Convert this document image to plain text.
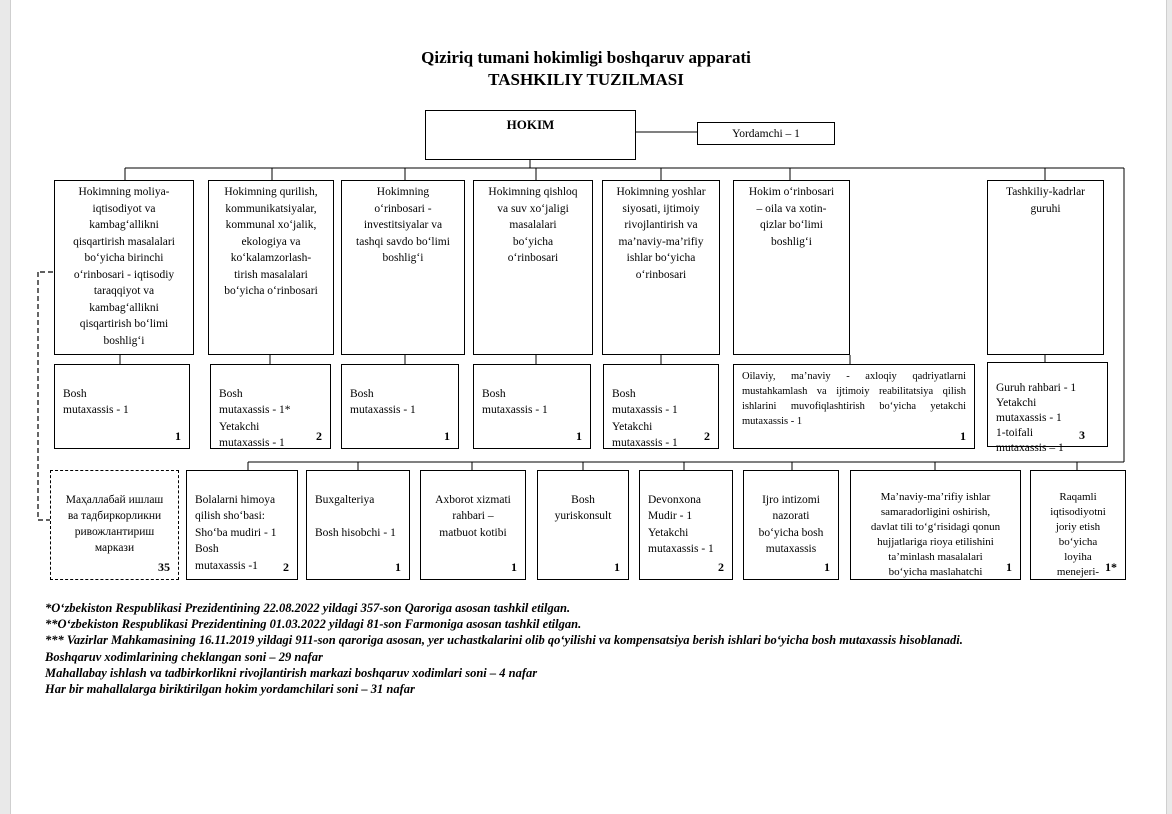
Qiziriq tumani hokimligi boshqaruv apparati
TASHKILIY TUZILMASI
HOKIM
Yordamchi – 1
Hokimning moliya-
iqtisodiyot va
kambag‘allikni
qisqartirish masalalari
bo‘yicha birinchi
o‘rinbosari - iqtisodiy
taraqqiyot va
kambag‘allikni
qisqartirish bo‘limi
boshlig‘i
Hokimning qurilish,
kommunikatsiyalar,
kommunal xo‘jalik,
ekologiya va
ko‘kalamzorlash-
tirish masalalari
bo‘yicha o‘rinbosari
Hokimning
o‘rinbosari -
investitsiyalar va
tashqi savdo bo‘limi
boshlig‘i
Hokimning qishloq
va suv xo‘jaligi
masalalari
bo‘yicha
o‘rinbosari
Hokimning yoshlar
siyosati, ijtimoiy
rivojlantirish va
ma’naviy-ma’rifiy
ishlar bo‘yicha
o‘rinbosari
Hokim o‘rinbosari
– oila va xotin-
qizlar bo‘limi
boshlig‘i
Tashkiliy-kadrlar
guruhi

Bosh
mutaxassis - 1

1

Bosh
mutaxassis - 1*
Yetakchi
mutaxassis - 1

2

Bosh
mutaxassis - 1

1

Bosh
mutaxassis - 1

1

Bosh
mutaxassis - 1
Yetakchi
mutaxassis - 1

2

Oilaviy, ma’naviy - axloqiy qadriyatlarni mustahkamlash va ijtimoiy reabilitatsiya qilish ishlarini muvofiqlashtirish bo‘yicha yetakchi mutaxassis - 1
1

Guruh rahbari - 1
Yetakchi
mutaxassis - 1
1-toifali
mutaxassis – 1

3

Маҳаллабай ишлаш
ва тадбиркорликни
ривожлантириш
маркази

35

Bolalarni himoya
qilish sho‘basi:
Sho‘ba mudiri - 1
Bosh
mutaxassis -1 2

Buxgalteriya

Bosh hisobchi - 1

1

Axborot xizmati
rahbari –
matbuot kotibi

1

Bosh
yuriskonsult

1

Devonxona
Mudir - 1
Yetakchi
mutaxassis - 1

2

Ijro intizomi
nazorati
bo‘yicha bosh
mutaxassis

1

Ma’naviy-ma’rifiy ishlar
samaradorligini oshirish,
davlat tili to‘g‘risidagi qonun
hujjatlariga rioya etilishini
ta’minlash masalalari
bo‘yicha maslahatchi 1

Raqamli
iqtisodiyotni
joriy etish
bo‘yicha
loyiha
menejeri- 1*

*O‘zbekiston Respublikasi Prezidentining 22.08.2022 yildagi 357-son Qaroriga asosan tashkil etilgan.
**O‘zbekiston Respublikasi Prezidentining 01.03.2022 yildagi 81-son Farmoniga asosan tashkil etilgan.
*** Vazirlar Mahkamasining 16.11.2019 yildagi 911-son qaroriga asosan, yer uchastkalarini olib qo‘yilishi va kompensatsiya berish ishlari bo‘yicha bosh mutaxassis hisoblanadi.
Boshqaruv xodimlarining cheklangan soni – 29 nafar
Mahallabay ishlash va tadbirkorlikni rivojlantirish markazi boshqaruv xodimlari soni – 4 nafar
Har bir mahallalarga biriktirilgan hokim yordamchilari soni – 31 nafar
